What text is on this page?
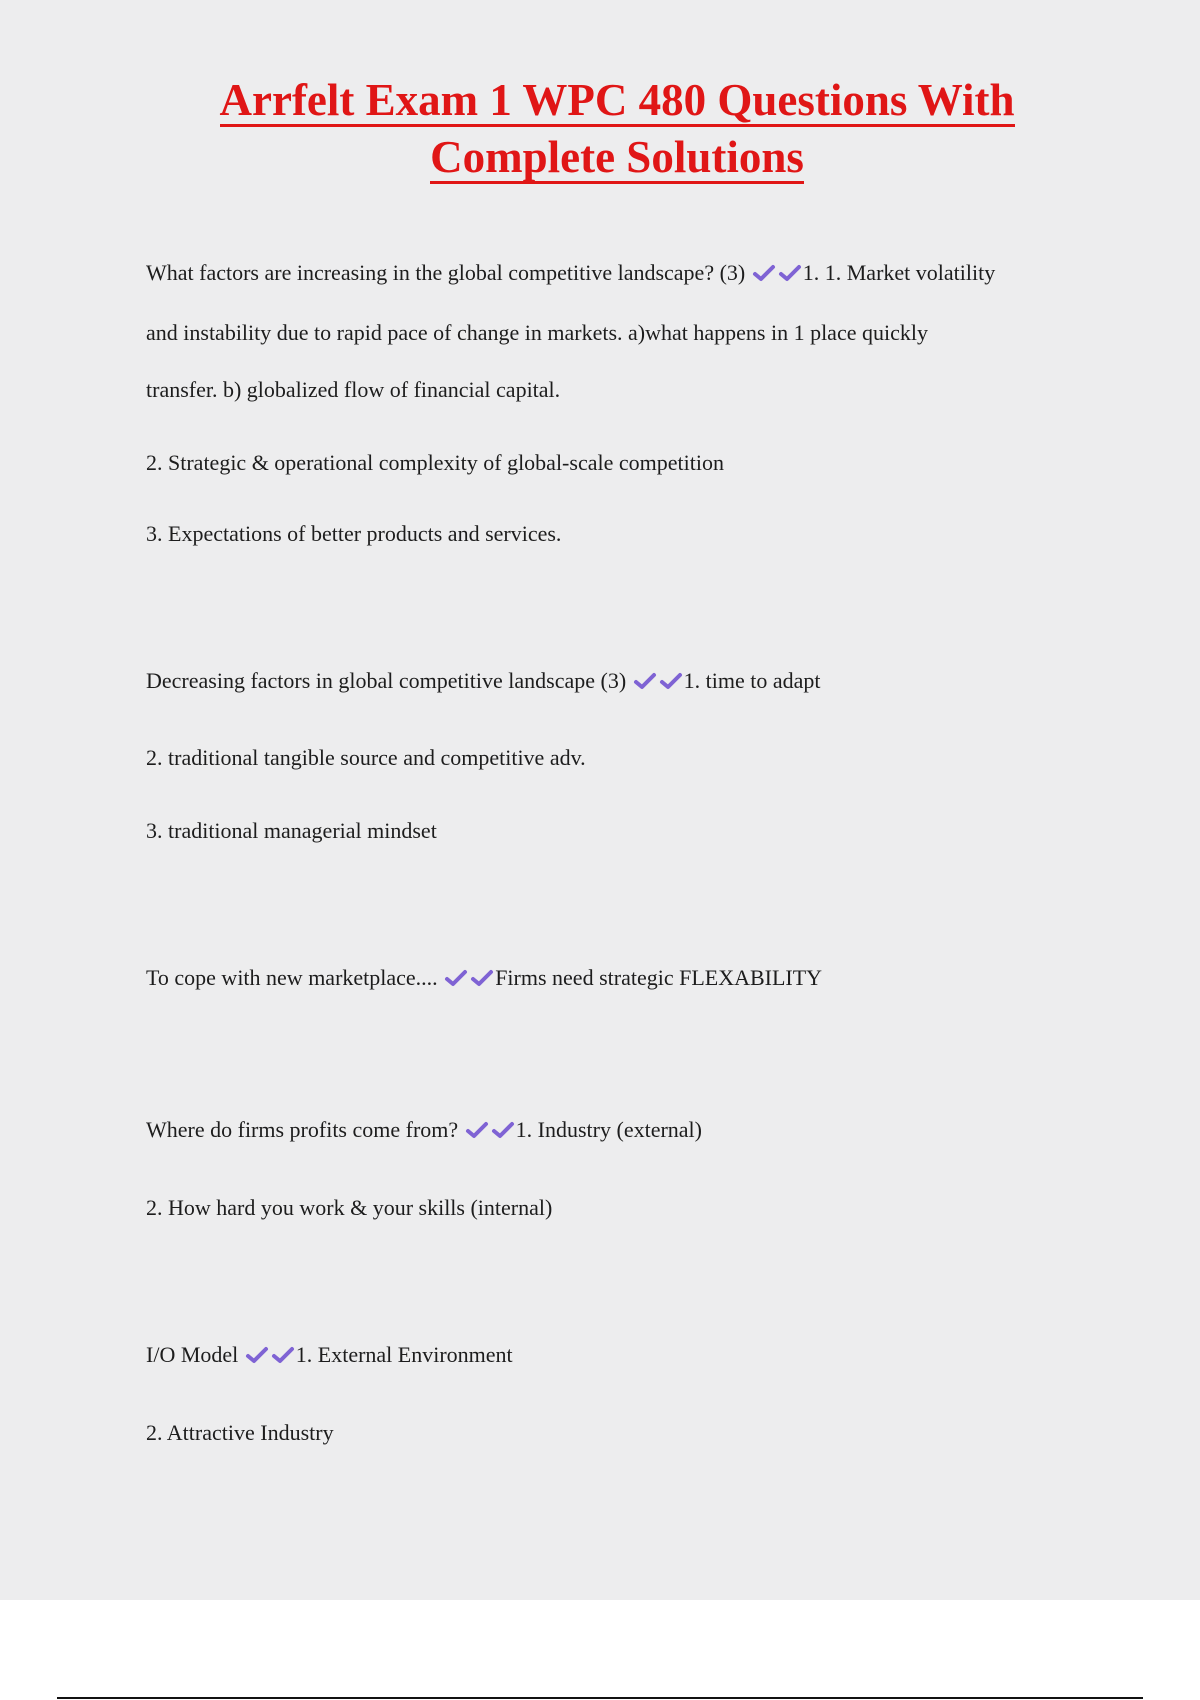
Arrfelt Exam 1 WPC 480 Questions With
Complete Solutions
What factors are increasing in the global competitive landscape? (3)	1. 1. Market volatility
and instability due to rapid pace of change in markets. a)what happens in 1 place quickly
transfer. b) globalized flow of financial capital.
2. Strategic & operational complexity of global-scale competition
3. Expectations of better products and services.
Decreasing factors in global competitive landscape (3)	1. time to adapt
2. traditional tangible source and competitive adv.
3. traditional managerial mindset
To cope with new marketplace....	Firms need strategic FLEXABILITY
Where do firms profits come from?	1. Industry (external)
2. How hard you work & your skills (internal)
I/O Model	1. External Environment
2. Attractive Industry
